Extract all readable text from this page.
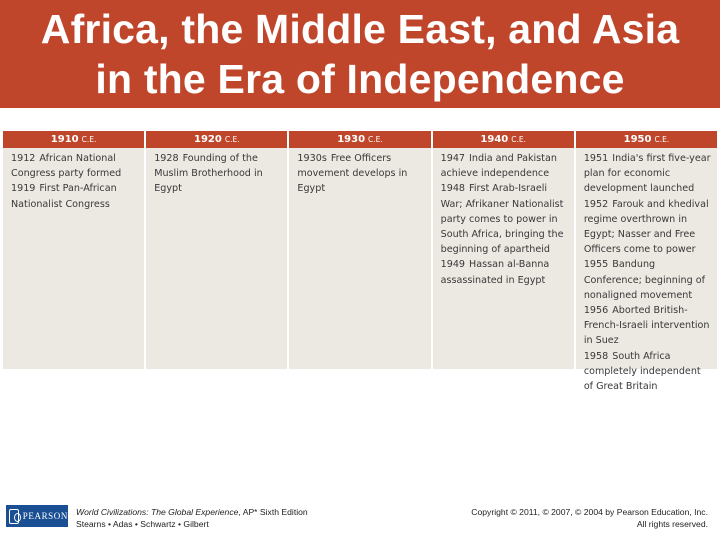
Africa, the Middle East, and Asia
in the Era of Independence
1910 C.E.

1912 African National Congress party formed

1919 First Pan-African Nationalist Congress

1920 C.E.

1928 Founding of the Muslim Brotherhood in Egypt

1930 C.E.

1930s Free Officers movement develops in Egypt

1940 C.E.

1947 India and Pakistan achieve independence

1948 First Arab-Israeli War; Afrikaner Nationalist party comes to power in South Africa, bringing the beginning of apartheid

1949 Hassan al-Banna assassinated in Egypt

1950 C.E.

1951 India's first five-year plan for economic development launched

1952 Farouk and khedival regime overthrown in Egypt; Nasser and Free Officers come to power

1955 Bandung Conference; beginning of nonaligned movement

1956 Aborted British-French-Israeli intervention in Suez

1958 South Africa completely independent of Great Britain

PEARSON World Civilizations: The Global Experience, AP* Sixth Edition
Stearns • Adas • Schwartz • Gilbert
Copyright © 2011, © 2007, © 2004 by Pearson Education, Inc.
All rights reserved.
